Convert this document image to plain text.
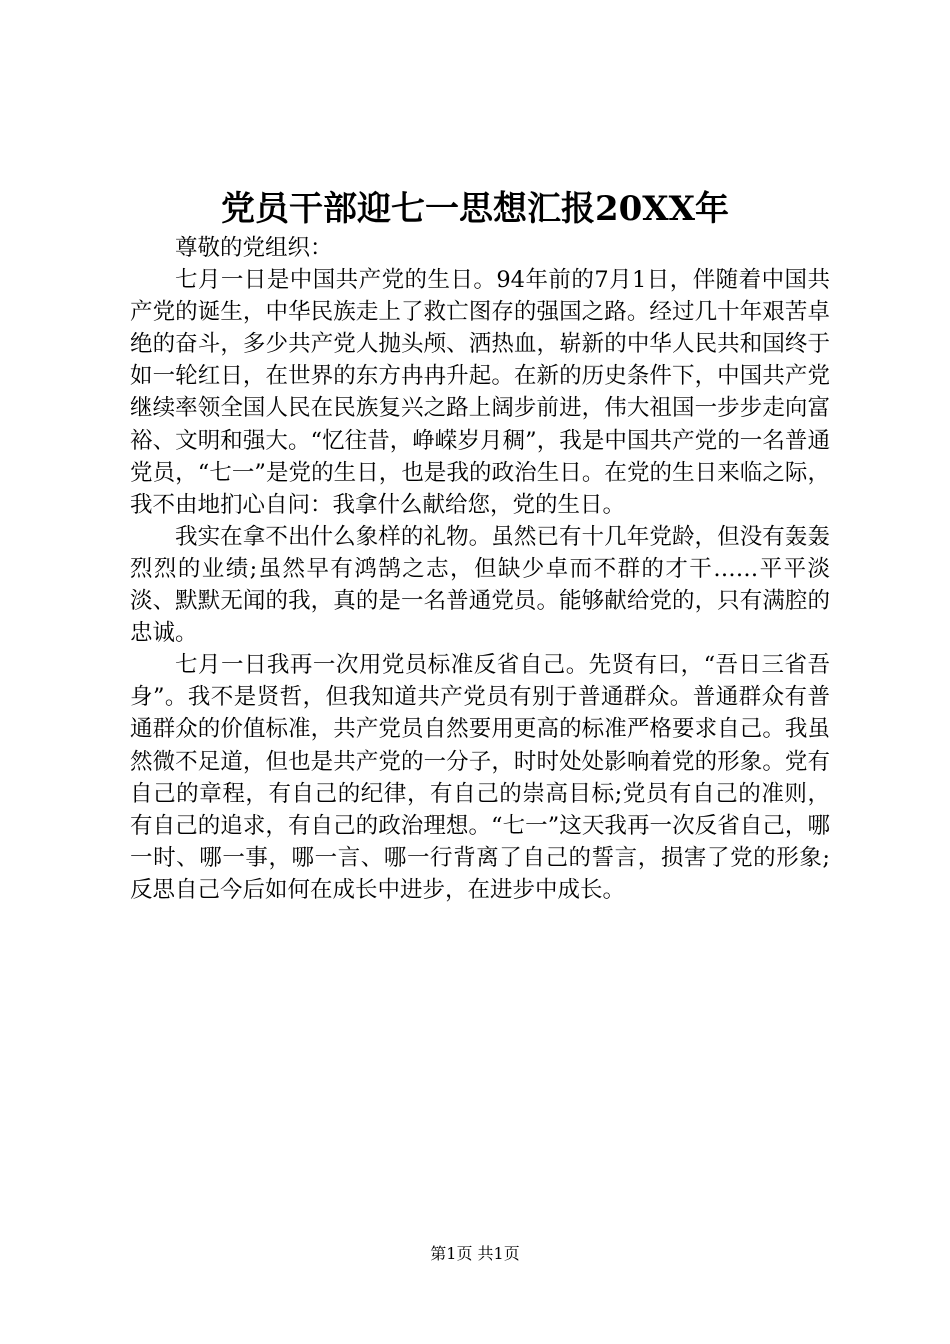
党员干部迎七一思想汇报20XX年

尊敬的党组织：

七月一日是中国共产党的生日。94年前的7月1日，伴随着中国共产党的诞生，中华民族走上了救亡图存的强国之路。经过几十年艰苦卓绝的奋斗，多少共产党人抛头颅、洒热血，崭新的中华人民共和国终于如一轮红日，在世界的东方冉冉升起。在新的历史条件下，中国共产党继续率领全国人民在民族复兴之路上阔步前进，伟大祖国一步步走向富裕、文明和强大。“忆往昔，峥嵘岁月稠”，我是中国共产党的一名普通党员，“七一”是党的生日，也是我的政治生日。在党的生日来临之际，我不由地扪心自问：我拿什么献给您，党的生日。

我实在拿不出什么象样的礼物。虽然已有十几年党龄，但没有轰轰烈烈的业绩;虽然早有鸿鹄之志，但缺少卓而不群的才干……平平淡淡、默默无闻的我，真的是一名普通党员。能够献给党的，只有满腔的忠诚。

七月一日我再一次用党员标准反省自己。先贤有曰，“吾日三省吾身”。我不是贤哲，但我知道共产党员有别于普通群众。普通群众有普通群众的价值标准，共产党员自然要用更高的标准严格要求自己。我虽然微不足道，但也是共产党的一分子，时时处处影响着党的形象。党有自己的章程，有自己的纪律，有自己的崇高目标;党员有自己的准则，有自己的追求，有自己的政治理想。“七一”这天我再一次反省自己，哪一时、哪一事，哪一言、哪一行背离了自己的誓言，损害了党的形象;反思自己今后如何在成长中进步，在进步中成长。

第1页 共1页
